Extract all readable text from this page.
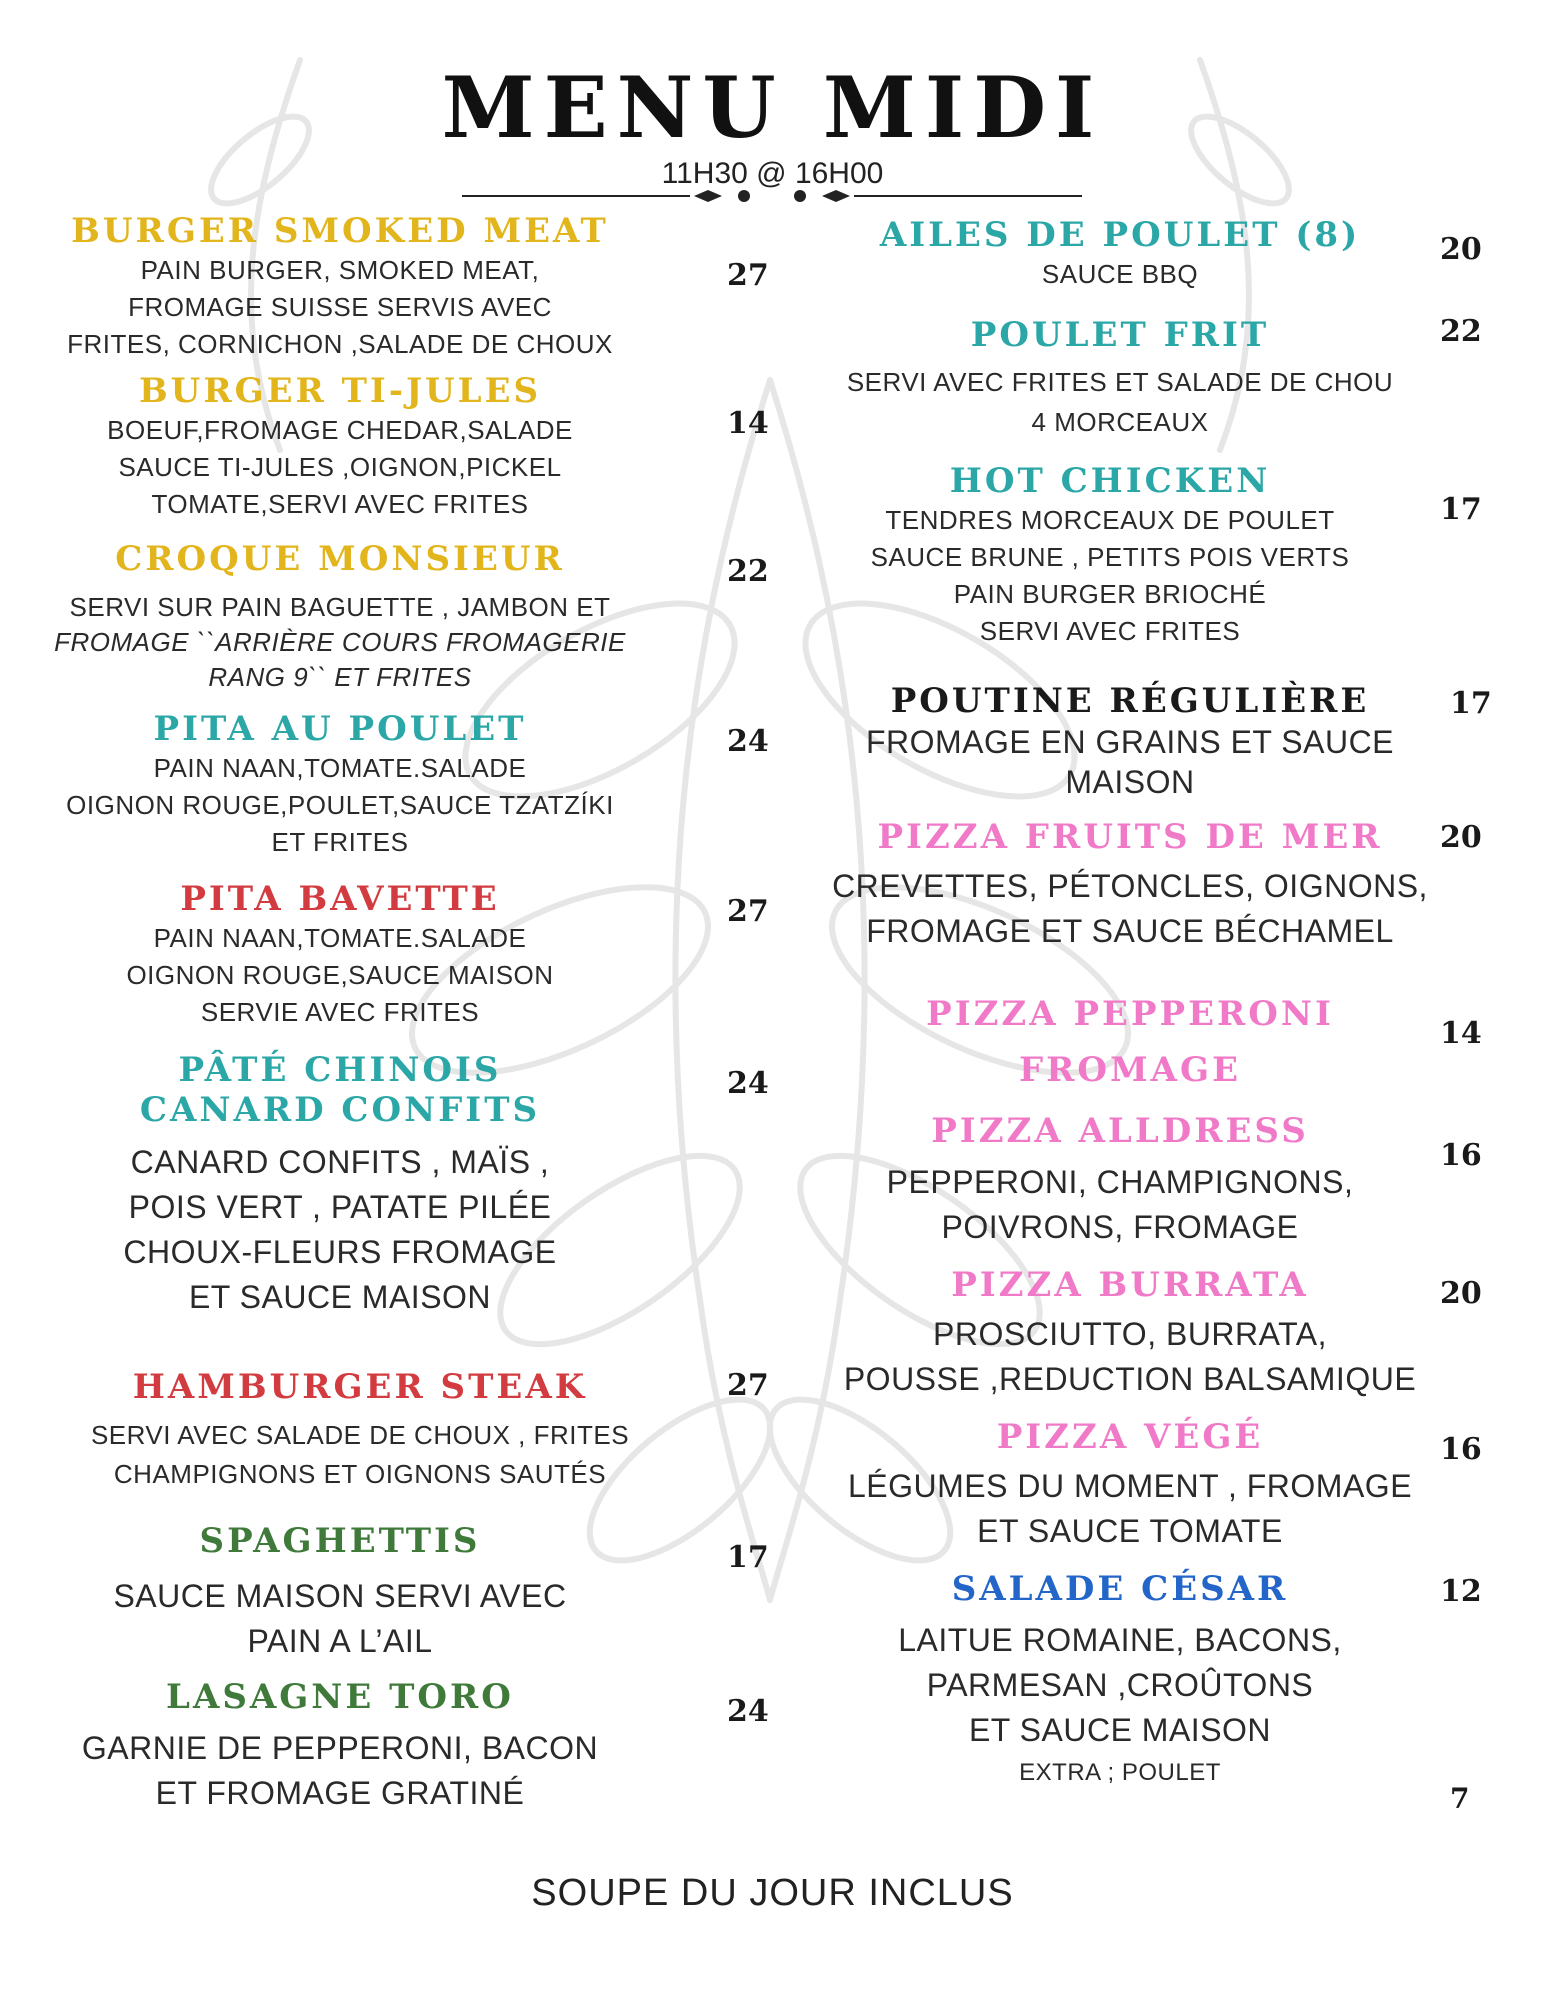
MENU MIDI
11H30 @ 16H00
BURGER SMOKED MEAT
PAIN BURGER, SMOKED MEAT,
FROMAGE SUISSE SERVIS AVEC
FRITES, CORNICHON ,SALADE DE CHOUX
27
BURGER TI-JULES
BOEUF,FROMAGE CHEDAR,SALADE
SAUCE TI-JULES ,OIGNON,PICKEL
TOMATE,SERVI AVEC FRITES
14
CROQUE MONSIEUR
SERVI SUR PAIN BAGUETTE , JAMBON ET
FROMAGE ``ARRIÈRE COURS FROMAGERIE
RANG 9`` ET FRITES
22
PITA AU POULET
PAIN NAAN,TOMATE.SALADE
OIGNON ROUGE,POULET,SAUCE TZATZÍKI
ET FRITES
24
PITA BAVETTE
PAIN NAAN,TOMATE.SALADE
OIGNON ROUGE,SAUCE MAISON
SERVIE AVEC FRITES
27
PÂTÉ CHINOIS
CANARD CONFITS
CANARD CONFITS , MAÏS ,
POIS VERT , PATATE PILÉE
CHOUX-FLEURS FROMAGE
ET SAUCE MAISON
24
HAMBURGER STEAK
SERVI AVEC SALADE DE CHOUX , FRITES
CHAMPIGNONS ET OIGNONS SAUTÉS
27
SPAGHETTIS
SAUCE MAISON SERVI AVEC
PAIN A L’AIL
17
LASAGNE TORO
GARNIE DE PEPPERONI, BACON
ET FROMAGE GRATINÉ
24
AILES DE POULET (8)
SAUCE BBQ
20
POULET FRIT
SERVI AVEC FRITES ET SALADE DE CHOU
4 MORCEAUX
22
HOT CHICKEN
TENDRES MORCEAUX DE POULET
SAUCE BRUNE , PETITS POIS VERTS
PAIN BURGER BRIOCHÉ
SERVI AVEC FRITES
17
POUTINE RÉGULIÈRE
FROMAGE EN GRAINS ET SAUCE
MAISON
17
PIZZA FRUITS DE MER
CREVETTES, PÉTONCLES, OIGNONS,
FROMAGE ET SAUCE BÉCHAMEL
20
PIZZA PEPPERONI
FROMAGE
14
PIZZA ALLDRESS
PEPPERONI, CHAMPIGNONS,
POIVRONS, FROMAGE
16
PIZZA BURRATA
PROSCIUTTO, BURRATA,
POUSSE ,REDUCTION BALSAMIQUE
20
PIZZA VÉGÉ
LÉGUMES DU MOMENT , FROMAGE
ET SAUCE TOMATE
16
SALADE CÉSAR
LAITUE ROMAINE, BACONS,
PARMESAN ,CROÛTONS
ET SAUCE MAISON
EXTRA ; POULET
12
7
SOUPE DU JOUR INCLUS
